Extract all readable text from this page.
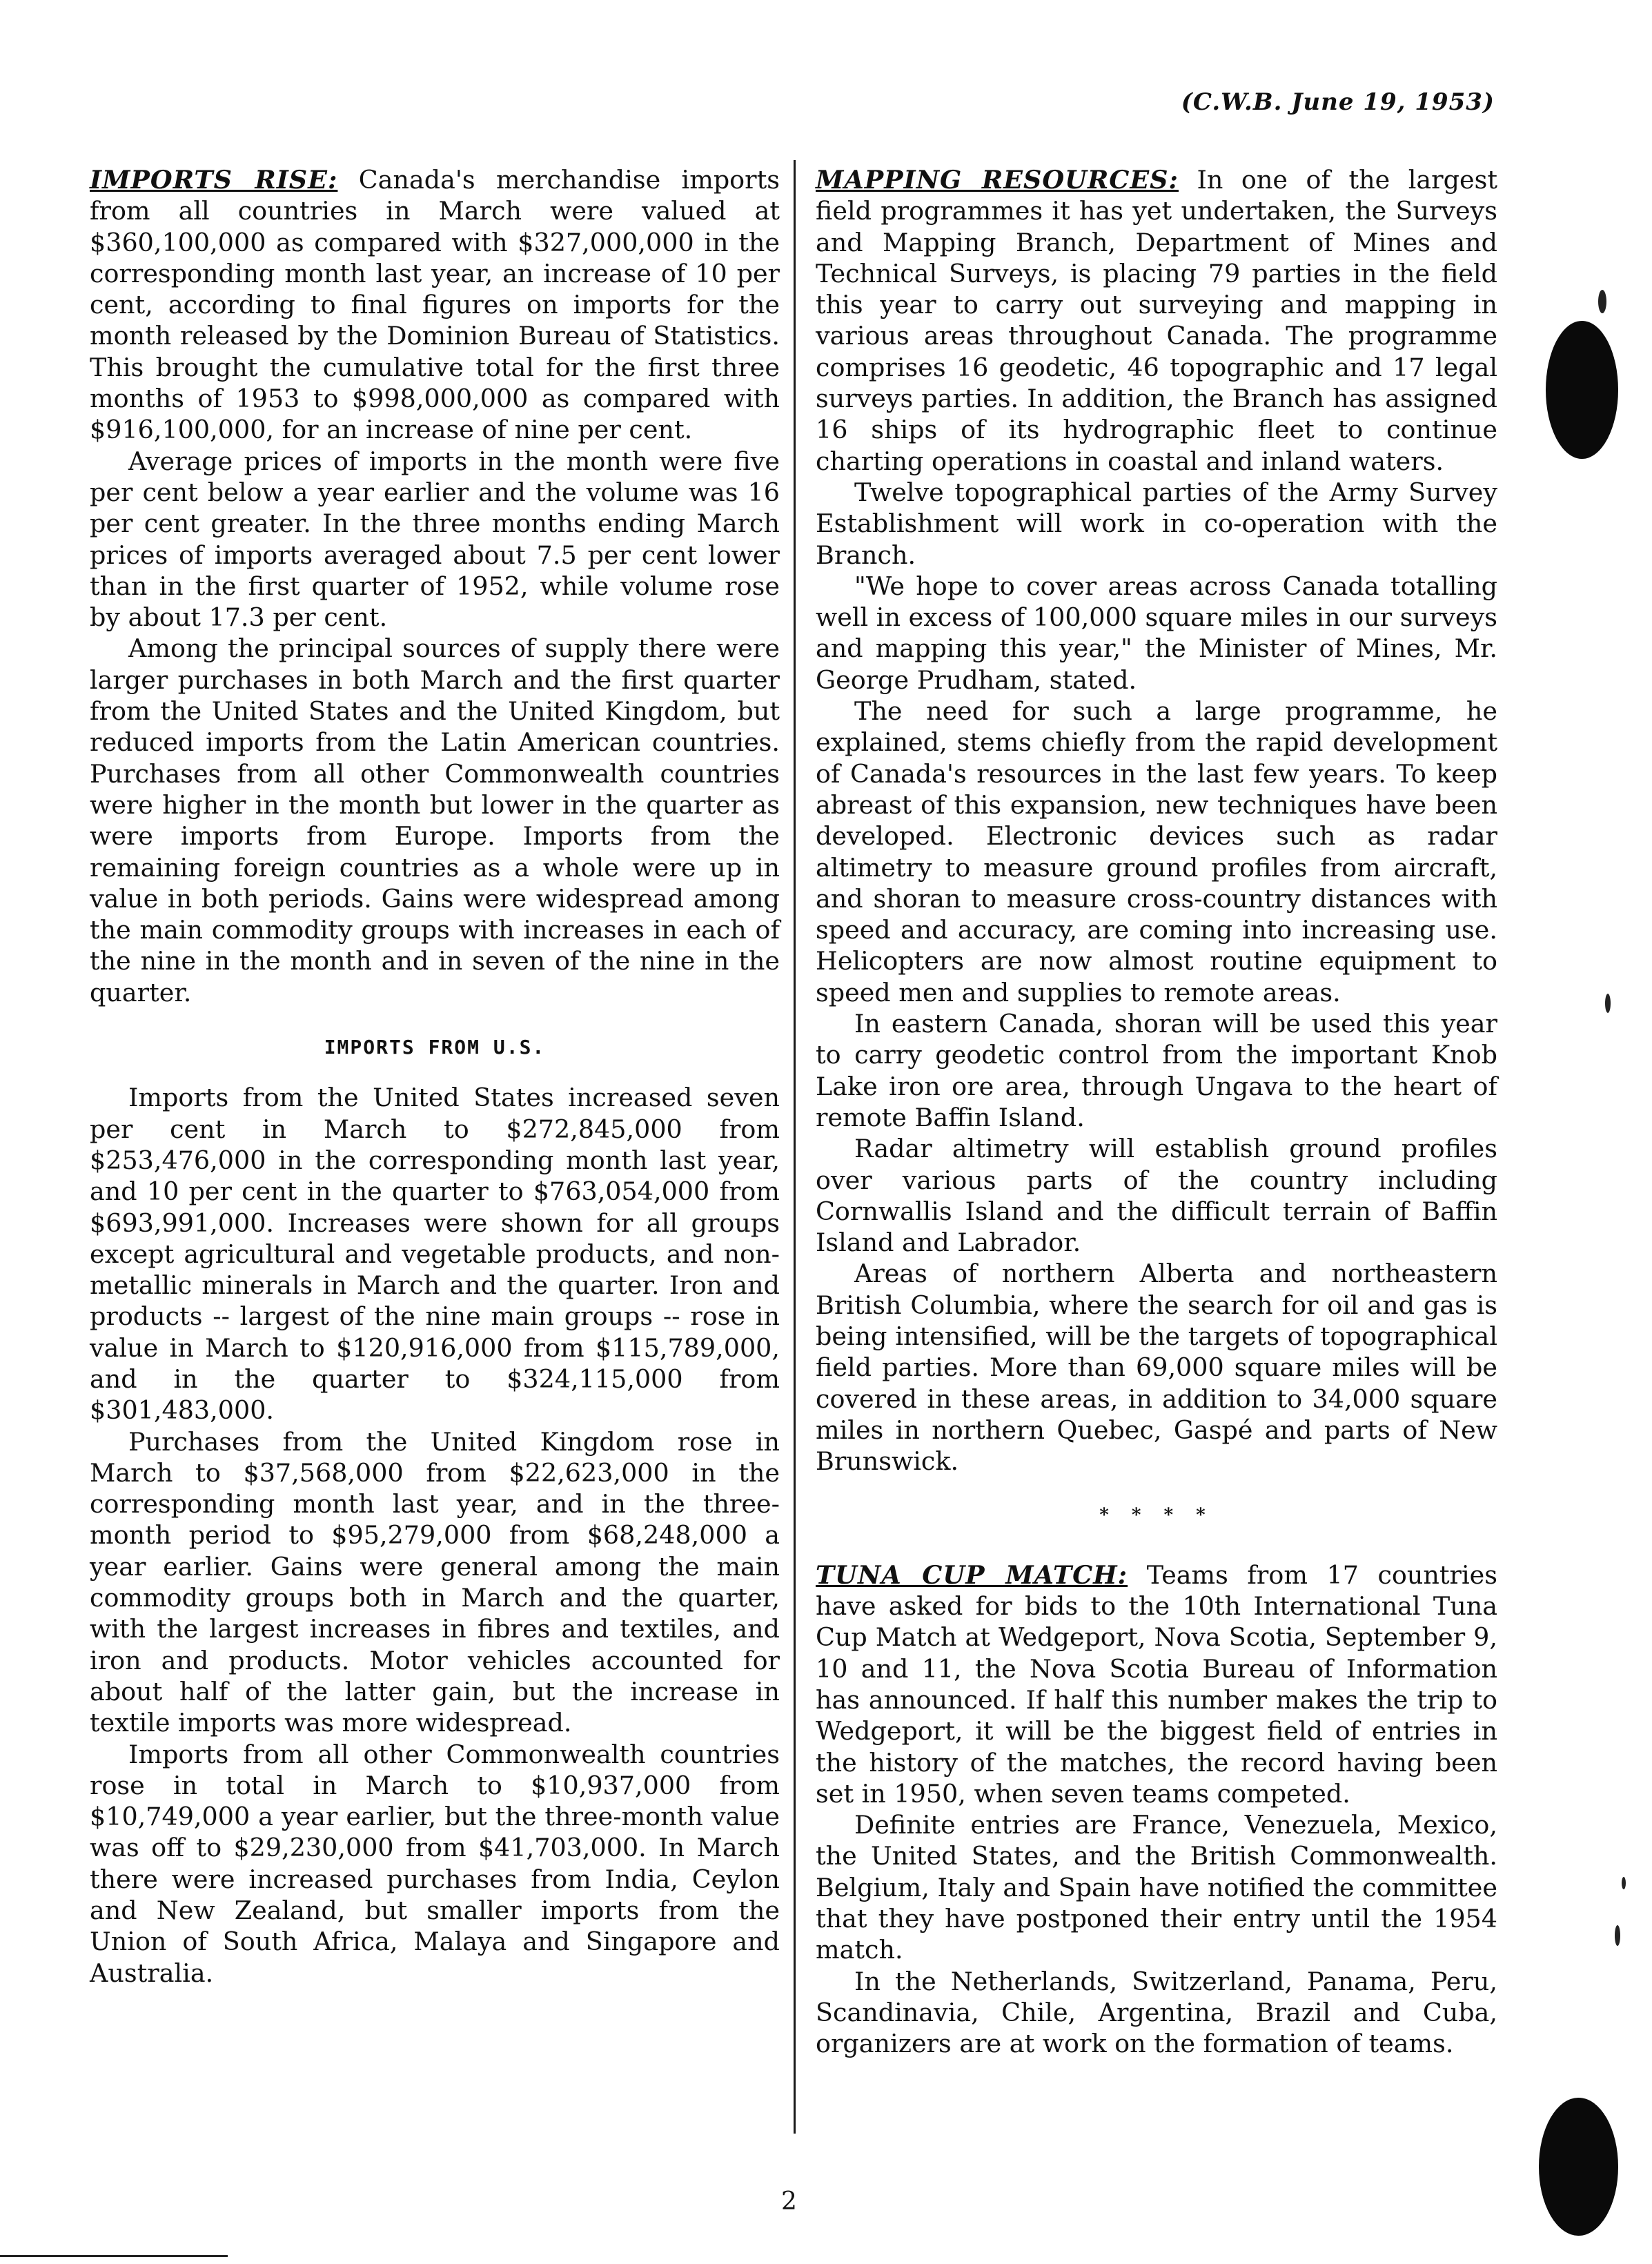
(C.W.B. June 19, 1953)

IMPORTS RISE: Canada's merchandise imports from all countries in March were valued at $360,100,000 as compared with $327,000,000 in the corresponding month last year, an increase of 10 per cent, according to final figures on imports for the month released by the Dominion Bureau of Statistics. This brought the cumulative total for the first three months of 1953 to $998,000,000 as compared with $916,100,000, for an increase of nine per cent.

Average prices of imports in the month were five per cent below a year earlier and the volume was 16 per cent greater. In the three months ending March prices of imports averaged about 7.5 per cent lower than in the first quarter of 1952, while volume rose by about 17.3 per cent.

Among the principal sources of supply there were larger purchases in both March and the first quarter from the United States and the United Kingdom, but reduced imports from the Latin American countries. Purchases from all other Commonwealth countries were higher in the month but lower in the quarter as were imports from Europe. Imports from the remaining foreign countries as a whole were up in value in both periods. Gains were widespread among the main commodity groups with increases in each of the nine in the month and in seven of the nine in the quarter.

IMPORTS FROM U.S.

Imports from the United States increased seven per cent in March to $272,845,000 from $253,476,000 in the corresponding month last year, and 10 per cent in the quarter to $763,054,000 from $693,991,000. Increases were shown for all groups except agricultural and vegetable products, and non-metallic minerals in March and the quarter. Iron and products -- largest of the nine main groups -- rose in value in March to $120,916,000 from $115,789,000, and in the quarter to $324,115,000 from $301,483,000.

Purchases from the United Kingdom rose in March to $37,568,000 from $22,623,000 in the corresponding month last year, and in the three-month period to $95,279,000 from $68,248,000 a year earlier. Gains were general among the main commodity groups both in March and the quarter, with the largest increases in fibres and textiles, and iron and products. Motor vehicles accounted for about half of the latter gain, but the increase in textile imports was more widespread.

Imports from all other Commonwealth countries rose in total in March to $10,937,000 from $10,749,000 a year earlier, but the three-month value was off to $29,230,000 from $41,703,000. In March there were increased purchases from India, Ceylon and New Zealand, but smaller imports from the Union of South Africa, Malaya and Singapore and Australia.

MAPPING RESOURCES: In one of the largest field programmes it has yet undertaken, the Surveys and Mapping Branch, Department of Mines and Technical Surveys, is placing 79 parties in the field this year to carry out surveying and mapping in various areas throughout Canada. The programme comprises 16 geodetic, 46 topographic and 17 legal surveys parties. In addition, the Branch has assigned 16 ships of its hydrographic fleet to continue charting operations in coastal and inland waters.

Twelve topographical parties of the Army Survey Establishment will work in co-operation with the Branch.

"We hope to cover areas across Canada totalling well in excess of 100,000 square miles in our surveys and mapping this year," the Minister of Mines, Mr. George Prudham, stated.

The need for such a large programme, he explained, stems chiefly from the rapid development of Canada's resources in the last few years. To keep abreast of this expansion, new techniques have been developed. Electronic devices such as radar altimetry to measure ground profiles from aircraft, and shoran to measure cross-country distances with speed and accuracy, are coming into increasing use. Helicopters are now almost routine equipment to speed men and supplies to remote areas.

In eastern Canada, shoran will be used this year to carry geodetic control from the important Knob Lake iron ore area, through Ungava to the heart of remote Baffin Island.

Radar altimetry will establish ground profiles over various parts of the country including Cornwallis Island and the difficult terrain of Baffin Island and Labrador.

Areas of northern Alberta and northeastern British Columbia, where the search for oil and gas is being intensified, will be the targets of topographical field parties. More than 69,000 square miles will be covered in these areas, in addition to 34,000 square miles in northern Quebec, Gaspé and parts of New Brunswick.

* * * *

TUNA CUP MATCH: Teams from 17 countries have asked for bids to the 10th International Tuna Cup Match at Wedgeport, Nova Scotia, September 9, 10 and 11, the Nova Scotia Bureau of Information has announced. If half this number makes the trip to Wedgeport, it will be the biggest field of entries in the history of the matches, the record having been set in 1950, when seven teams competed.

Definite entries are France, Venezuela, Mexico, the United States, and the British Commonwealth. Belgium, Italy and Spain have notified the committee that they have postponed their entry until the 1954 match.

In the Netherlands, Switzerland, Panama, Peru, Scandinavia, Chile, Argentina, Brazil and Cuba, organizers are at work on the formation of teams.

2
